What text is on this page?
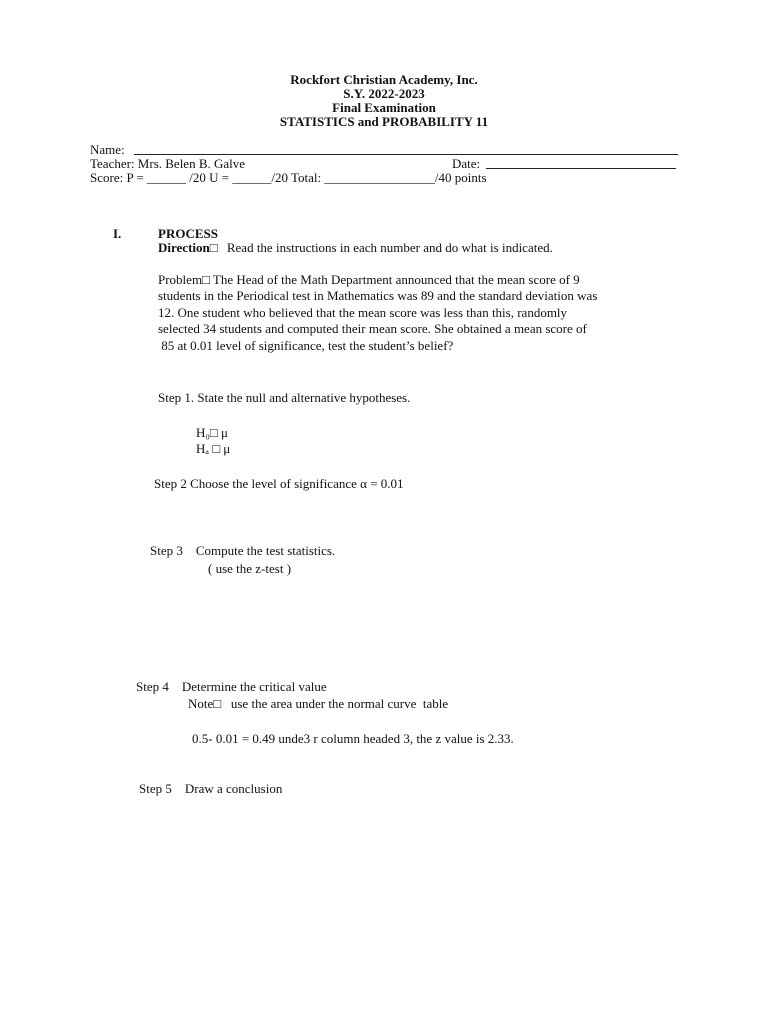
Rockfort Christian Academy, Inc.
S.Y. 2022-2023
Final Examination
STATISTICS and PROBABILITY 11
Name:
Teacher: Mrs. Belen B. Galve	Date:
Score: P = ______ /20 U = ______/20 Total: _________________/40 points
I.	PROCESS
Direction□ Read the instructions in each number and do what is indicated.
Problem□ The Head of the Math Department announced that the mean score of 9
students in the Periodical test in Mathematics was 89 and the standard deviation was
12. One student who believed that the mean score was less than this, randomly
selected 34 students and computed their mean score. She obtained a mean score of
85 at 0.01 level of significance, test the student’s belief?
Step 1. State the null and alternative hypotheses.
H₀□ μ
Hₐ □ μ
Step 2 Choose the level of significance α = 0.01
Step 3    Compute the test statistics.
( use the z-test )
Step 4    Determine the critical value
Note□   use the area under the normal curve  table
0.5- 0.01 = 0.49 unde3 r column headed 3, the z value is 2.33.
Step 5    Draw a conclusion
